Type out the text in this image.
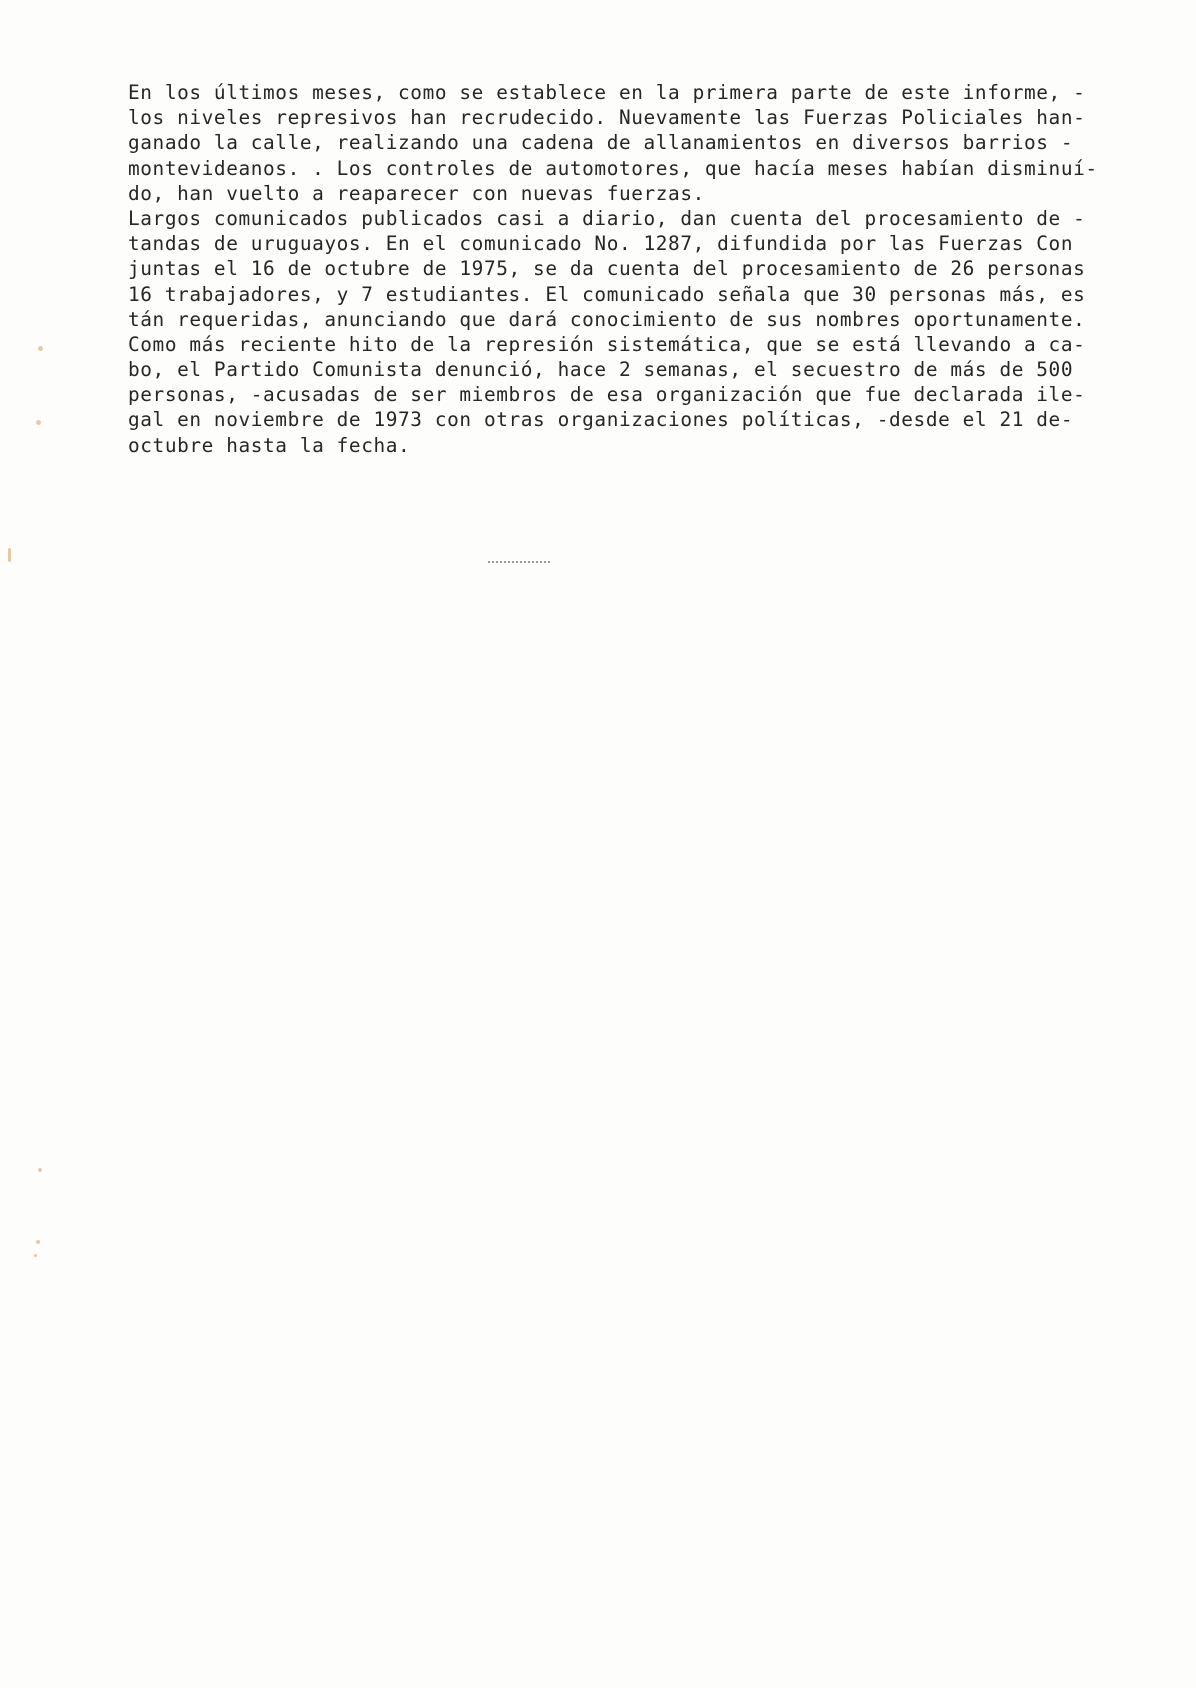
En los últimos meses, como se establece en la primera parte de este informe, -
los niveles represivos han recrudecido. Nuevamente las Fuerzas Policiales han-
ganado la calle, realizando una cadena de allanamientos en diversos barrios -
montevideanos. . Los controles de automotores, que hacía meses habían disminuí-
do, han vuelto a reaparecer con nuevas fuerzas.
Largos comunicados publicados casi a diario, dan cuenta del procesamiento de -
tandas de uruguayos. En el comunicado No. 1287, difundida por las Fuerzas Con
juntas el 16 de octubre de 1975, se da cuenta del procesamiento de 26 personas
16 trabajadores, y 7 estudiantes. El comunicado señala que 30 personas más, es
tán requeridas, anunciando que dará conocimiento de sus nombres oportunamente.
Como más reciente hito de la represión sistemática, que se está llevando a ca-
bo, el Partido Comunista denunció, hace 2 semanas, el secuestro de más de 500
personas, -acusadas de ser miembros de esa organización que fue declarada ile-
gal en noviembre de 1973 con otras organizaciones políticas, -desde el 21 de-
octubre hasta la fecha.
